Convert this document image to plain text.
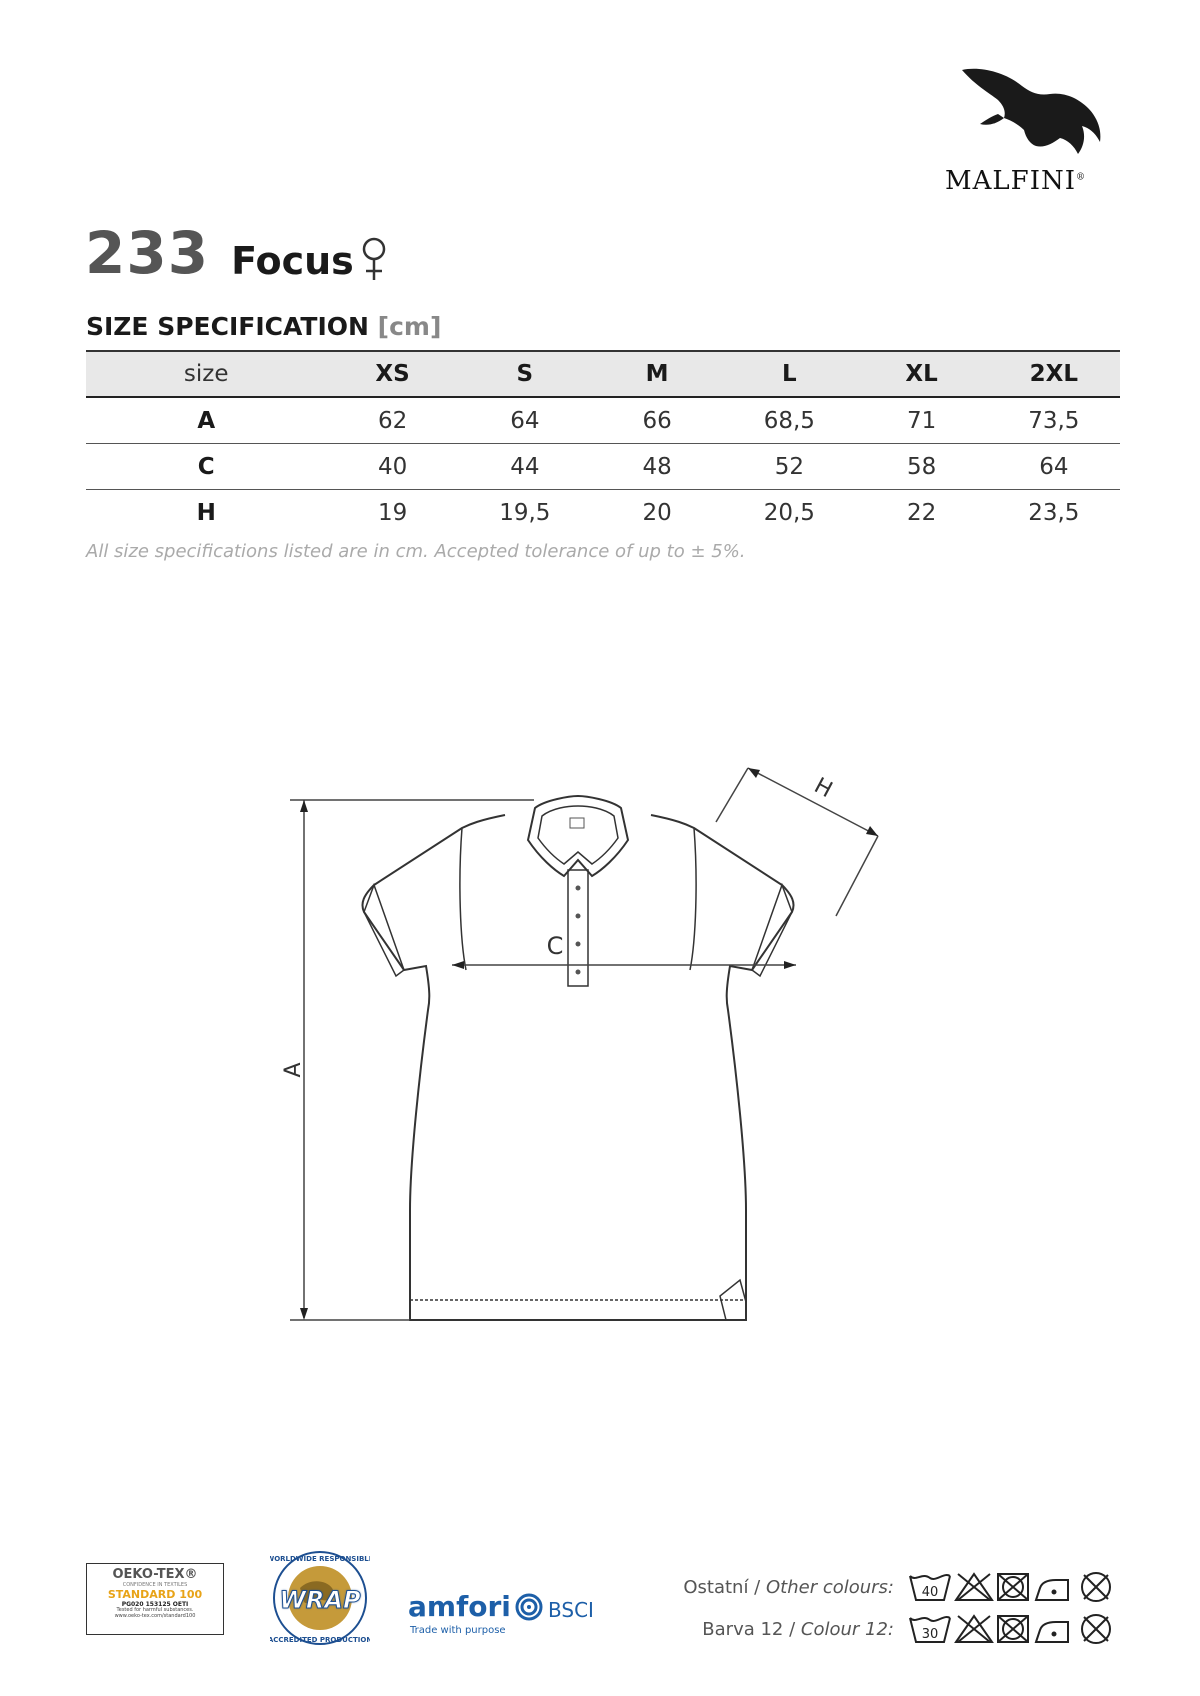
MALFINI®
233 Focus
SIZE SPECIFICATION [cm]
size	XS	S	M	L	XL	2XL
A	62	64	66	68,5	71	73,5
C	40	44	48	52	58	64
H	19	19,5	20	20,5	22	23,5
All size specifications listed are in cm. Accepted tolerance of up to ± 5%.
A
C
H
OEKO-TEX®
CONFIDENCE IN TEXTILES
STANDARD 100
PG020 153125 OETI
Tested for harmful substances.
www.oeko-tex.com/standard100
WORLDWIDE RESPONSIBLE
ACCREDITED PRODUCTION
WRAP	amfori BSCI
Trade with purpose
Ostatní / Other colours: 40
Barva 12 / Colour 12: 30
